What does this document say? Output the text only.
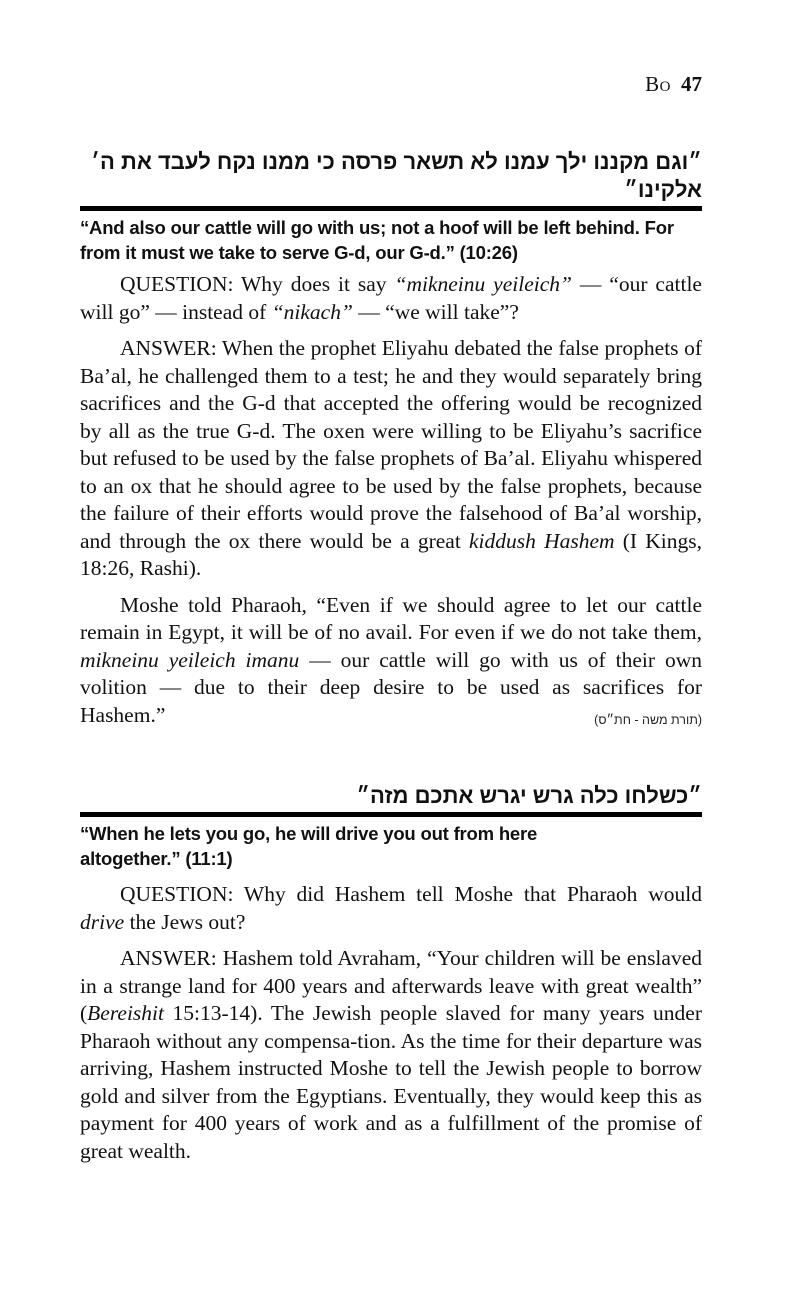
Bo 47
״וגם מקננו ילך עמנו לא תשאר פרסה כי ממנו נקח לעבד את ה׳ אלקינו״
“And also our cattle will go with us; not a hoof will be left behind. For from it must we take to serve G-d, our G-d.” (10:26)

QUESTION: Why does it say “mikneinu yeileich” — “our cattle will go” — instead of “nikach” — “we will take”?

ANSWER: When the prophet Eliyahu debated the false prophets of Ba’al, he challenged them to a test; he and they would separately bring sacrifices and the G-d that accepted the offering would be recognized by all as the true G-d. The oxen were willing to be Eliyahu’s sacrifice but refused to be used by the false prophets of Ba’al. Eliyahu whispered to an ox that he should agree to be used by the false prophets, because the failure of their efforts would prove the falsehood of Ba’al worship, and through the ox there would be a great kiddush Hashem (I Kings, 18:26, Rashi).

Moshe told Pharaoh, “Even if we should agree to let our cattle remain in Egypt, it will be of no avail. For even if we do not take them, mikneinu yeileich imanu — our cattle will go with us of their own volition — due to their deep desire to be used as sacrifices for Hashem.”	(תורת משה - חת״ס)
״כשלחו כלה גרש יגרש אתכם מזה״
“When he lets you go, he will drive you out from here altogether.” (11:1)

QUESTION: Why did Hashem tell Moshe that Pharaoh would drive the Jews out?

ANSWER: Hashem told Avraham, “Your children will be enslaved in a strange land for 400 years and afterwards leave with great wealth” (Bereishit 15:13-14). The Jewish people slaved for many years under Pharaoh without any compensa-tion. As the time for their departure was arriving, Hashem instructed Moshe to tell the Jewish people to borrow gold and silver from the Egyptians. Eventually, they would keep this as payment for 400 years of work and as a fulfillment of the promise of great wealth.
